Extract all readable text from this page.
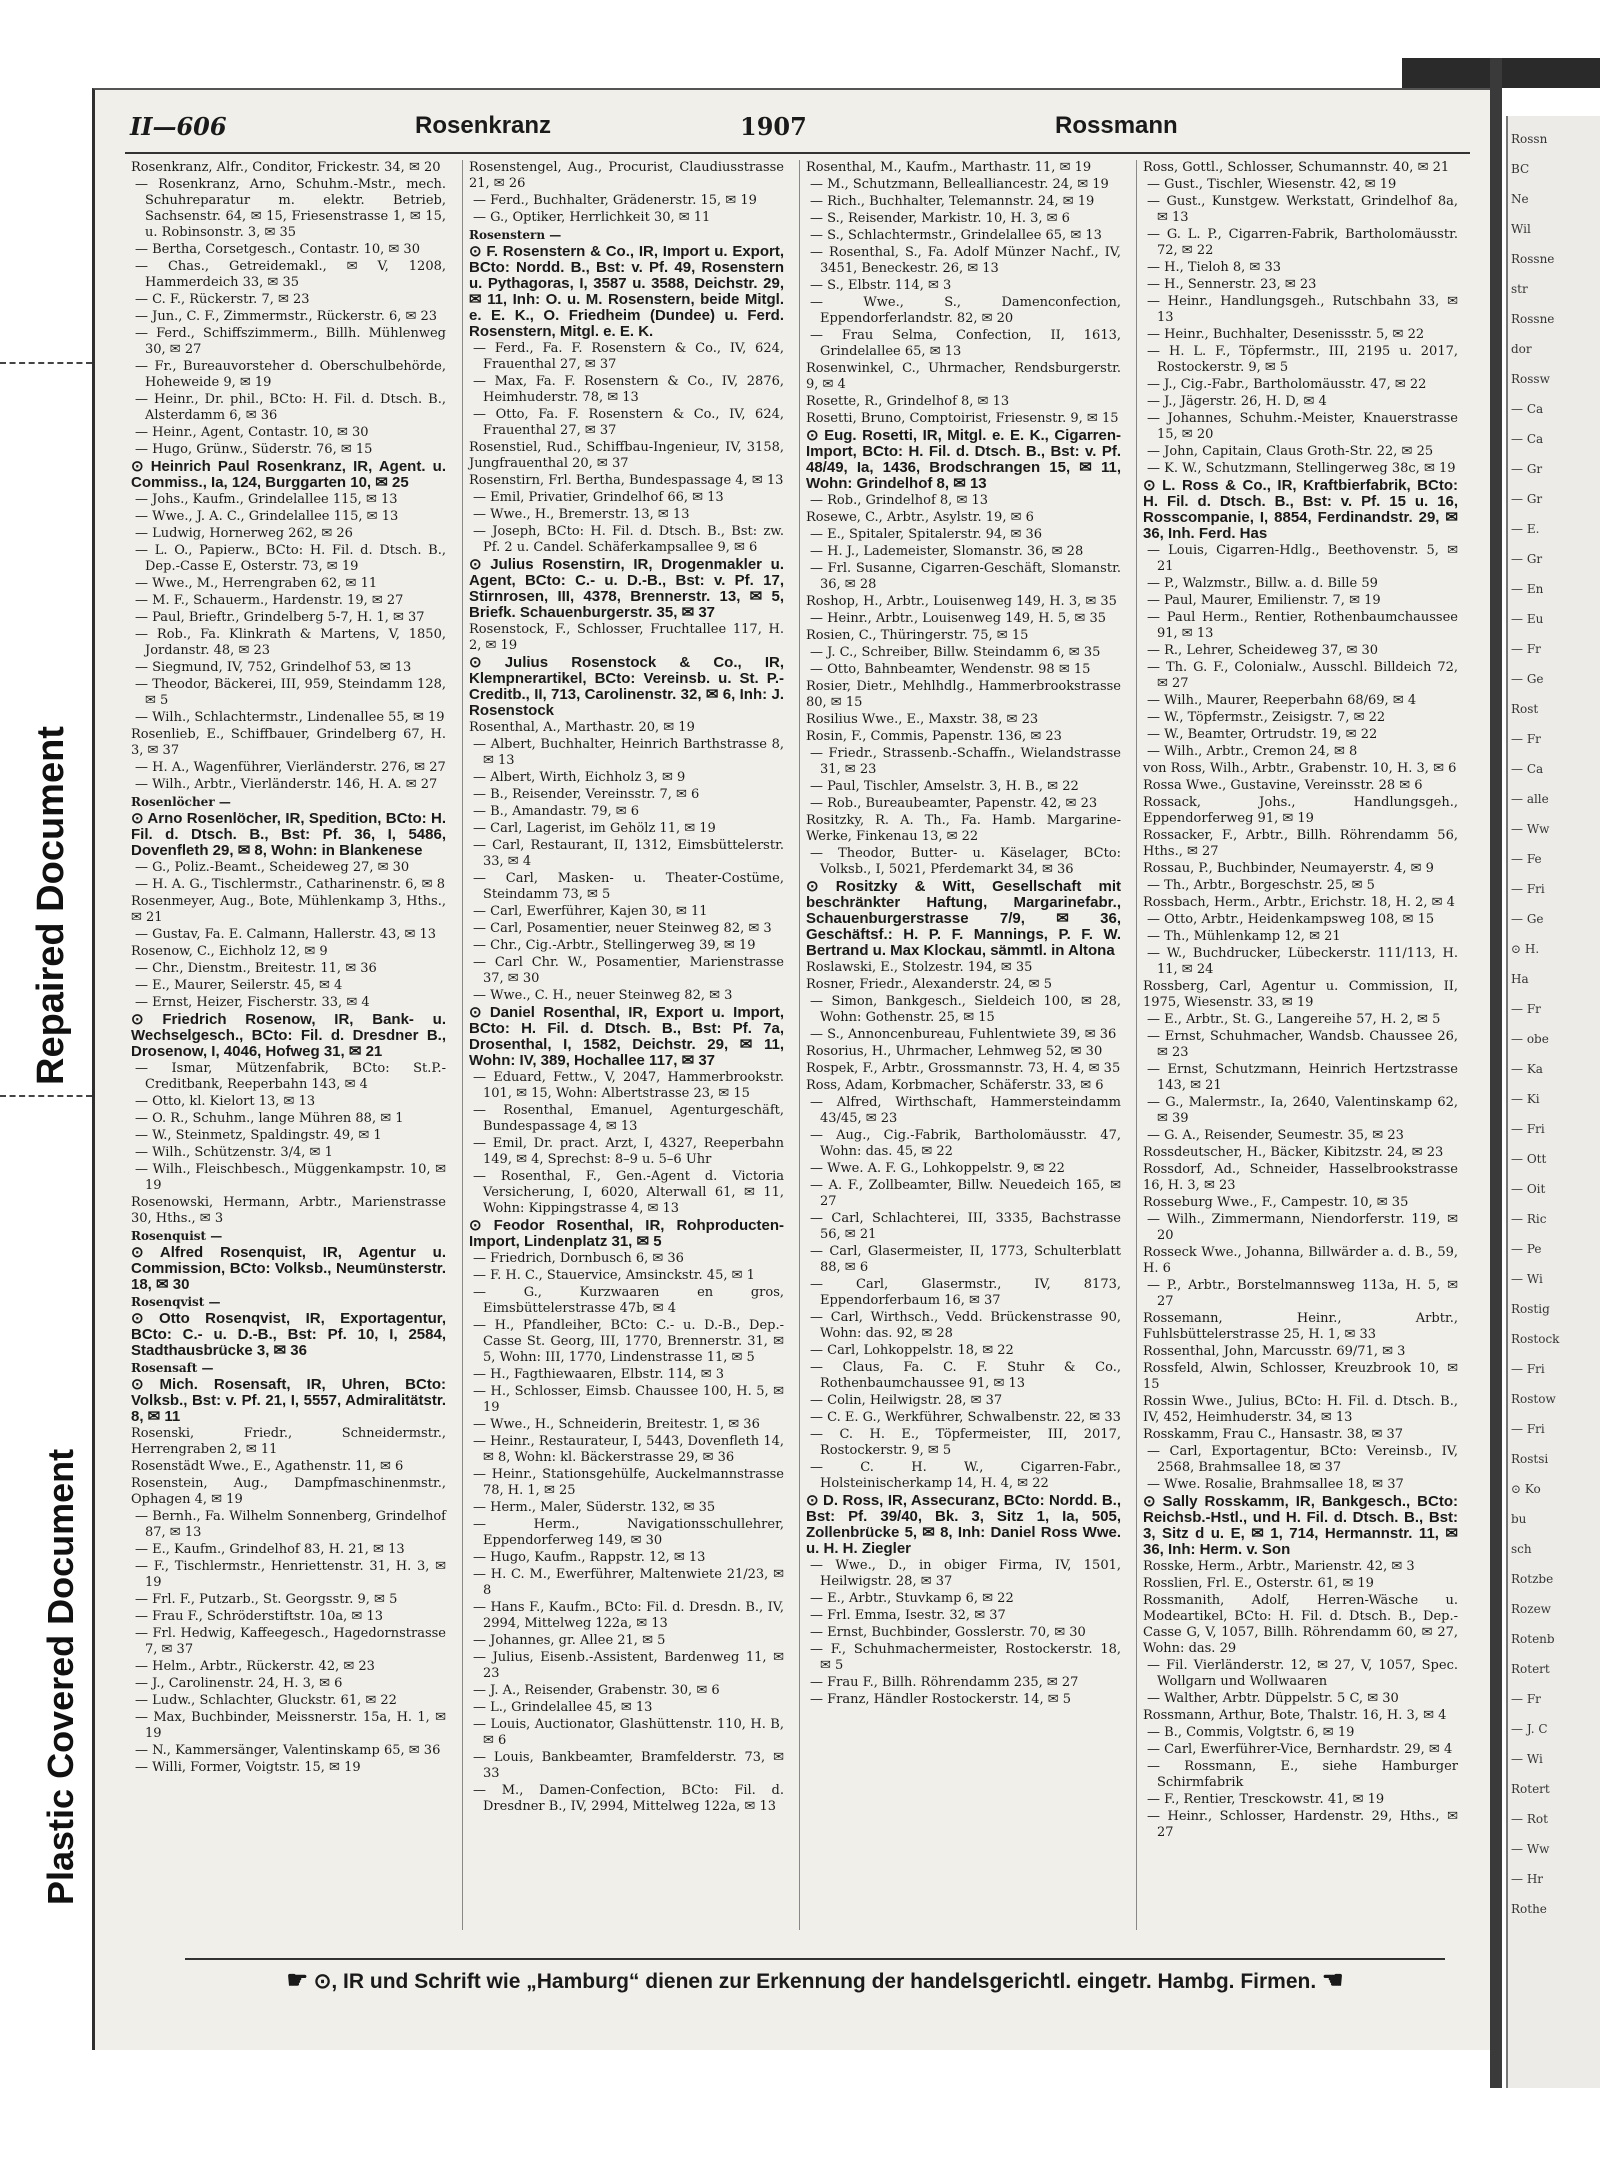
Repaired Document
Plastic Covered Document
II—606	Rosenkranz	1907	Rossmann
Rosenkranz, Alfr., Conditor, Frickestr. 34, ✉ 20
— Rosenkranz, Arno, Schuhm.-Mstr., mech. Schuhreparatur m. elektr. Betrieb, Sachsenstr. 64, ✉ 15, Friesenstrasse 1, ✉ 15, u. Robinsonstr. 3, ✉ 35
— Bertha, Corsetgesch., Contastr. 10, ✉ 30
— Chas., Getreidemakl., ✉ V, 1208, Hammerdeich 33, ✉ 35
— C. F., Rückerstr. 7, ✉ 23
— Jun., C. F., Zimmermstr., Rückerstr. 6, ✉ 23
— Ferd., Schiffszimmerm., Billh. Mühlenweg 30, ✉ 27
— Fr., Bureauvorsteher d. Oberschulbehörde, Hoheweide 9, ✉ 19
— Heinr., Dr. phil., BCto: H. Fil. d. Dtsch. B., Alsterdamm 6, ✉ 36
— Heinr., Agent, Contastr. 10, ✉ 30
— Hugo, Grünw., Süderstr. 76, ✉ 15
⊙ Heinrich Paul Rosenkranz, IR, Agent. u. Commiss., Ia, 124, Burggarten 10, ✉ 25
— Johs., Kaufm., Grindelallee 115, ✉ 13
— Wwe., J. A. C., Grindelallee 115, ✉ 13
— Ludwig, Hornerweg 262, ✉ 26
— L. O., Papierw., BCto: H. Fil. d. Dtsch. B., Dep.-Casse E, Osterstr. 73, ✉ 19
— Wwe., M., Herrengraben 62, ✉ 11
— M. F., Schauerm., Hardenstr. 19, ✉ 27
— Paul, Brieftr., Grindelberg 5-7, H. 1, ✉ 37
— Rob., Fa. Klinkrath & Martens, V, 1850, Jordanstr. 48, ✉ 23
— Siegmund, IV, 752, Grindelhof 53, ✉ 13
— Theodor, Bäckerei, III, 959, Steindamm 128, ✉ 5
— Wilh., Schlachtermstr., Lindenallee 55, ✉ 19
Rosenlieb, E., Schiffbauer, Grindelberg 67, H. 3, ✉ 37
— H. A., Wagenführer, Vierländerstr. 276, ✉ 27
— Wilh., Arbtr., Vierländerstr. 146, H. A. ✉ 27
Rosenlöcher —
⊙ Arno Rosenlöcher, IR, Spedition, BCto: H. Fil. d. Dtsch. B., Bst: Pf. 36, I, 5486, Dovenfleth 29, ✉ 8, Wohn: in Blankenese
— G., Poliz.-Beamt., Scheideweg 27, ✉ 30
— H. A. G., Tischlermstr., Catharinenstr. 6, ✉ 8
Rosenmeyer, Aug., Bote, Mühlenkamp 3, Hths., ✉ 21
— Gustav, Fa. E. Calmann, Hallerstr. 43, ✉ 13
Rosenow, C., Eichholz 12, ✉ 9
— Chr., Dienstm., Breitestr. 11, ✉ 36
— E., Maurer, Seilerstr. 45, ✉ 4
— Ernst, Heizer, Fischerstr. 33, ✉ 4
⊙ Friedrich Rosenow, IR, Bank- u. Wechselgesch., BCto: Fil. d. Dresdner B., Drosenow, I, 4046, Hofweg 31, ✉ 21
— Ismar, Mützenfabrik, BCto: St.P.-Creditbank, Reeperbahn 143, ✉ 4
— Otto, kl. Kielort 13, ✉ 13
— O. R., Schuhm., lange Mühren 88, ✉ 1
— W., Steinmetz, Spaldingstr. 49, ✉ 1
— Wilh., Schützenstr. 3/4, ✉ 1
— Wilh., Fleischbesch., Müggenkampstr. 10, ✉ 19
Rosenowski, Hermann, Arbtr., Marienstrasse 30, Hths., ✉ 3
Rosenquist —
⊙ Alfred Rosenquist, IR, Agentur u. Commission, BCto: Volksb., Neumünsterstr. 18, ✉ 30
Rosenqvist —
⊙ Otto Rosenqvist, IR, Exportagentur, BCto: C.- u. D.-B., Bst: Pf. 10, I, 2584, Stadthausbrücke 3, ✉ 36
Rosensaft —
⊙ Mich. Rosensaft, IR, Uhren, BCto: Volksb., Bst: v. Pf. 21, I, 5557, Admiralitätstr. 8, ✉ 11
Rosenski, Friedr., Schneidermstr., Herrengraben 2, ✉ 11
Rosenstädt Wwe., E., Agathenstr. 11, ✉ 6
Rosenstein, Aug., Dampfmaschinenmstr., Ophagen 4, ✉ 19
— Bernh., Fa. Wilhelm Sonnenberg, Grindelhof 87, ✉ 13
— E., Kaufm., Grindelhof 83, H. 21, ✉ 13
— F., Tischlermstr., Henriettenstr. 31, H. 3, ✉ 19
— Frl. F., Putzarb., St. Georgsstr. 9, ✉ 5
— Frau F., Schröderstiftstr. 10a, ✉ 13
— Frl. Hedwig, Kaffeegesch., Hagedornstrasse 7, ✉ 37
— Helm., Arbtr., Rückerstr. 42, ✉ 23
— J., Carolinenstr. 24, H. 3, ✉ 6
— Ludw., Schlachter, Gluckstr. 61, ✉ 22
— Max, Buchbinder, Meissnerstr. 15a, H. 1, ✉ 19
— N., Kammersänger, Valentinskamp 65, ✉ 36
— Willi, Former, Voigtstr. 15, ✉ 19
Rosenstengel, Aug., Procurist, Claudiusstrasse 21, ✉ 26
— Ferd., Buchhalter, Grädenerstr. 15, ✉ 19
— G., Optiker, Herrlichkeit 30, ✉ 11
Rosenstern —
⊙ F. Rosenstern & Co., IR, Import u. Export, BCto: Nordd. B., Bst: v. Pf. 49, Rosenstern u. Pythagoras, I, 3587 u. 3588, Deichstr. 29, ✉ 11, Inh: O. u. M. Rosenstern, beide Mitgl. e. E. K., O. Friedheim (Dundee) u. Ferd. Rosenstern, Mitgl. e. E. K.
— Ferd., Fa. F. Rosenstern & Co., IV, 624, Frauenthal 27, ✉ 37
— Max, Fa. F. Rosenstern & Co., IV, 2876, Heimhuderstr. 78, ✉ 13
— Otto, Fa. F. Rosenstern & Co., IV, 624, Frauenthal 27, ✉ 37
Rosenstiel, Rud., Schiffbau-Ingenieur, IV, 3158, Jungfrauenthal 20, ✉ 37
Rosenstirn, Frl. Bertha, Bundespassage 4, ✉ 13
— Emil, Privatier, Grindelhof 66, ✉ 13
— Wwe., H., Bremerstr. 13, ✉ 13
— Joseph, BCto: H. Fil. d. Dtsch. B., Bst: zw. Pf. 2 u. Candel. Schäferkampsallee 9, ✉ 6
⊙ Julius Rosenstirn, IR, Drogenmakler u. Agent, BCto: C.- u. D.-B., Bst: v. Pf. 17, Stirnrosen, III, 4378, Brennerstr. 13, ✉ 5, Briefk. Schauenburgerstr. 35, ✉ 37
Rosenstock, F., Schlosser, Fruchtallee 117, H. 2, ✉ 19
⊙ Julius Rosenstock & Co., IR, Klempnerartikel, BCto: Vereinsb. u. St. P.-Creditb., II, 713, Carolinenstr. 32, ✉ 6, Inh: J. Rosenstock
Rosenthal, A., Marthastr. 20, ✉ 19
— Albert, Buchhalter, Heinrich Barthstrasse 8, ✉ 13
— Albert, Wirth, Eichholz 3, ✉ 9
— B., Reisender, Vereinsstr. 7, ✉ 6
— B., Amandastr. 79, ✉ 6
— Carl, Lagerist, im Gehölz 11, ✉ 19
— Carl, Restaurant, II, 1312, Eimsbüttelerstr. 33, ✉ 4
— Carl, Masken- u. Theater-Costüme, Steindamm 73, ✉ 5
— Carl, Ewerführer, Kajen 30, ✉ 11
— Carl, Posamentier, neuer Steinweg 82, ✉ 3
— Chr., Cig.-Arbtr., Stellingerweg 39, ✉ 19
— Carl Chr. W., Posamentier, Marienstrasse 37, ✉ 30
— Wwe., C. H., neuer Steinweg 82, ✉ 3
⊙ Daniel Rosenthal, IR, Export u. Import, BCto: H. Fil. d. Dtsch. B., Bst: Pf. 7a, Drosenthal, I, 1582, Deichstr. 29, ✉ 11, Wohn: IV, 389, Hochallee 117, ✉ 37
— Eduard, Fettw., V, 2047, Hammerbrookstr. 101, ✉ 15, Wohn: Albertstrasse 23, ✉ 15
— Rosenthal, Emanuel, Agenturgeschäft, Bundespassage 4, ✉ 13
— Emil, Dr. pract. Arzt, I, 4327, Reeperbahn 149, ✉ 4, Sprechst: 8–9 u. 5–6 Uhr
— Rosenthal, F., Gen.-Agent d. Victoria Versicherung, I, 6020, Alterwall 61, ✉ 11, Wohn: Kippingstrasse 4, ✉ 13
⊙ Feodor Rosenthal, IR, Rohproducten-Import, Lindenplatz 31, ✉ 5
— Friedrich, Dornbusch 6, ✉ 36
— F. H. C., Stauervice, Amsinckstr. 45, ✉ 1
— G., Kurzwaaren en gros, Eimsbüttelerstrasse 47b, ✉ 4
— H., Pfandleiher, BCto: C.- u. D.-B., Dep.-Casse St. Georg, III, 1770, Brennerstr. 31, ✉ 5, Wohn: III, 1770, Lindenstrasse 11, ✉ 5
— H., Fagthiewaaren, Elbstr. 114, ✉ 3
— H., Schlosser, Eimsb. Chaussee 100, H. 5, ✉ 19
— Wwe., H., Schneiderin, Breitestr. 1, ✉ 36
— Heinr., Restaurateur, I, 5443, Dovenfleth 14, ✉ 8, Wohn: kl. Bäckerstrasse 29, ✉ 36
— Heinr., Stationsgehülfe, Auckelmannstrasse 78, H. 1, ✉ 25
— Herm., Maler, Süderstr. 132, ✉ 35
— Herm., Navigationsschullehrer, Eppendorferweg 149, ✉ 30
— Hugo, Kaufm., Rappstr. 12, ✉ 13
— H. C. M., Ewerführer, Maltenwiete 21/23, ✉ 8
— Hans F., Kaufm., BCto: Fil. d. Dresdn. B., IV, 2994, Mittelweg 122a, ✉ 13
— Johannes, gr. Allee 21, ✉ 5
— Julius, Eisenb.-Assistent, Bardenweg 11, ✉ 23
— J. A., Reisender, Grabenstr. 30, ✉ 6
— L., Grindelallee 45, ✉ 13
— Louis, Auctionator, Glashüttenstr. 110, H. B, ✉ 6
— Louis, Bankbeamter, Bramfelderstr. 73, ✉ 33
— M., Damen-Confection, BCto: Fil. d. Dresdner B., IV, 2994, Mittelweg 122a, ✉ 13
Rosenthal, M., Kaufm., Marthastr. 11, ✉ 19
— M., Schutzmann, Bellealliancestr. 24, ✉ 19
— Rich., Buchhalter, Telemannstr. 24, ✉ 19
— S., Reisender, Markistr. 10, H. 3, ✉ 6
— S., Schlachtermstr., Grindelallee 65, ✉ 13
— Rosenthal, S., Fa. Adolf Münzer Nachf., IV, 3451, Beneckestr. 26, ✉ 13
— S., Elbstr. 114, ✉ 3
— Wwe., S., Damenconfection, Eppendorferlandstr. 82, ✉ 20
— Frau Selma, Confection, II, 1613, Grindelallee 65, ✉ 13
Rosenwinkel, C., Uhrmacher, Rendsburgerstr. 9, ✉ 4
Rosette, R., Grindelhof 8, ✉ 13
Rosetti, Bruno, Comptoirist, Friesenstr. 9, ✉ 15
⊙ Eug. Rosetti, IR, Mitgl. e. E. K., Cigarren-Import, BCto: H. Fil. d. Dtsch. B., Bst: v. Pf. 48/49, Ia, 1436, Brodschrangen 15, ✉ 11, Wohn: Grindelhof 8, ✉ 13
— Rob., Grindelhof 8, ✉ 13
Rosewe, C., Arbtr., Asylstr. 19, ✉ 6
— E., Spitaler, Spitalerstr. 94, ✉ 36
— H. J., Lademeister, Slomanstr. 36, ✉ 28
— Frl. Susanne, Cigarren-Geschäft, Slomanstr. 36, ✉ 28
Roshop, H., Arbtr., Louisenweg 149, H. 3, ✉ 35
— Heinr., Arbtr., Louisenweg 149, H. 5, ✉ 35
Rosien, C., Thüringerstr. 75, ✉ 15
— J. C., Schreiber, Billw. Steindamm 6, ✉ 35
— Otto, Bahnbeamter, Wendenstr. 98 ✉ 15
Rosier, Dietr., Mehlhdlg., Hammerbrookstrasse 80, ✉ 15
Rosilius Wwe., E., Maxstr. 38, ✉ 23
Rosin, F., Commis, Papenstr. 136, ✉ 23
— Friedr., Strassenb.-Schaffn., Wielandstrasse 31, ✉ 23
— Paul, Tischler, Amselstr. 3, H. B., ✉ 22
— Rob., Bureaubeamter, Papenstr. 42, ✉ 23
Rositzky, R. A. Th., Fa. Hamb. Margarine-Werke, Finkenau 13, ✉ 22
— Theodor, Butter- u. Käselager, BCto: Volksb., I, 5021, Pferdemarkt 34, ✉ 36
⊙ Rositzky & Witt, Gesellschaft mit beschränkter Haftung, Margarinefabr., Schauenburgerstrasse 7/9, ✉ 36, Geschäftsf.: H. P. F. Mannings, P. F. W. Bertrand u. Max Klockau, sämmtl. in Altona
Roslawski, E., Stolzestr. 194, ✉ 35
Rosner, Friedr., Alexanderstr. 24, ✉ 5
— Simon, Bankgesch., Sieldeich 100, ✉ 28, Wohn: Gothenstr. 25, ✉ 15
— S., Annoncenbureau, Fuhlentwiete 39, ✉ 36
Rosorius, H., Uhrmacher, Lehmweg 52, ✉ 30
Rospek, F., Arbtr., Grossmannstr. 73, H. 4, ✉ 35
Ross, Adam, Korbmacher, Schäferstr. 33, ✉ 6
— Alfred, Wirthschaft, Hammersteindamm 43/45, ✉ 23
— Aug., Cig.-Fabrik, Bartholomäusstr. 47, Wohn: das. 45, ✉ 22
— Wwe. A. F. G., Lohkoppelstr. 9, ✉ 22
— A. F., Zollbeamter, Billw. Neuedeich 165, ✉ 27
— Carl, Schlachterei, III, 3335, Bachstrasse 56, ✉ 21
— Carl, Glasermeister, II, 1773, Schulterblatt 88, ✉ 6
— Carl, Glasermstr., IV, 8173, Eppendorferbaum 16, ✉ 37
— Carl, Wirthsch., Vedd. Brückenstrasse 90, Wohn: das. 92, ✉ 28
— Carl, Lohkoppelstr. 18, ✉ 22
— Claus, Fa. C. F. Stuhr & Co., Rothenbaumchaussee 91, ✉ 13
— Colin, Heilwigstr. 28, ✉ 37
— C. E. G., Werkführer, Schwalbenstr. 22, ✉ 33
— C. H. E., Töpfermeister, III, 2017, Rostockerstr. 9, ✉ 5
— C. H. W., Cigarren-Fabr., Holsteinischerkamp 14, H. 4, ✉ 22
⊙ D. Ross, IR, Assecuranz, BCto: Nordd. B., Bst: Pf. 39/40, Bk. 3, Sitz 1, Ia, 505, Zollenbrücke 5, ✉ 8, Inh: Daniel Ross Wwe. u. H. H. Ziegler
— Wwe., D., in obiger Firma, IV, 1501, Heilwigstr. 28, ✉ 37
— E., Arbtr., Stuvkamp 6, ✉ 22
— Frl. Emma, Isestr. 32, ✉ 37
— Ernst, Buchbinder, Gosslerstr. 70, ✉ 30
— F., Schuhmachermeister, Rostockerstr. 18, ✉ 5
— Frau F., Billh. Röhrendamm 235, ✉ 27
— Franz, Händler Rostockerstr. 14, ✉ 5
Ross, Gottl., Schlosser, Schumannstr. 40, ✉ 21
— Gust., Tischler, Wiesenstr. 42, ✉ 19
— Gust., Kunstgew. Werkstatt, Grindelhof 8a, ✉ 13
— G. L. P., Cigarren-Fabrik, Bartholomäusstr. 72, ✉ 22
— H., Tieloh 8, ✉ 33
— H., Sennerstr. 23, ✉ 23
— Heinr., Handlungsgeh., Rutschbahn 33, ✉ 13
— Heinr., Buchhalter, Desenissstr. 5, ✉ 22
— H. L. F., Töpfermstr., III, 2195 u. 2017, Rostockerstr. 9, ✉ 5
— J., Cig.-Fabr., Bartholomäusstr. 47, ✉ 22
— J., Jägerstr. 26, H. D, ✉ 4
— Johannes, Schuhm.-Meister, Knauerstrasse 15, ✉ 20
— John, Capitain, Claus Groth-Str. 22, ✉ 25
— K. W., Schutzmann, Stellingerweg 38c, ✉ 19
⊙ L. Ross & Co., IR, Kraftbierfabrik, BCto: H. Fil. d. Dtsch. B., Bst: v. Pf. 15 u. 16, Rosscompanie, I, 8854, Ferdinandstr. 29, ✉ 36, Inh. Ferd. Has
— Louis, Cigarren-Hdlg., Beethovenstr. 5, ✉ 21
— P., Walzmstr., Billw. a. d. Bille 59
— Paul, Maurer, Emilienstr. 7, ✉ 19
— Paul Herm., Rentier, Rothenbaumchaussee 91, ✉ 13
— R., Lehrer, Scheideweg 37, ✉ 30
— Th. G. F., Colonialw., Ausschl. Billdeich 72, ✉ 27
— Wilh., Maurer, Reeperbahn 68/69, ✉ 4
— W., Töpfermstr., Zeisigstr. 7, ✉ 22
— W., Beamter, Ortrudstr. 19, ✉ 22
— Wilh., Arbtr., Cremon 24, ✉ 8
von Ross, Wilh., Arbtr., Grabenstr. 10, H. 3, ✉ 6
Rossa Wwe., Gustavine, Vereinsstr. 28 ✉ 6
Rossack, Johs., Handlungsgeh., Eppendorferweg 91, ✉ 19
Rossacker, F., Arbtr., Billh. Röhrendamm 56, Hths., ✉ 27
Rossau, P., Buchbinder, Neumayerstr. 4, ✉ 9
— Th., Arbtr., Borgeschstr. 25, ✉ 5
Rossbach, Herm., Arbtr., Erichstr. 18, H. 2, ✉ 4
— Otto, Arbtr., Heidenkampsweg 108, ✉ 15
— Th., Mühlenkamp 12, ✉ 21
— W., Buchdrucker, Lübeckerstr. 111/113, H. 11, ✉ 24
Rossberg, Carl, Agentur u. Commission, II, 1975, Wiesenstr. 33, ✉ 19
— E., Arbtr., St. G., Langereihe 57, H. 2, ✉ 5
— Ernst, Schuhmacher, Wandsb. Chaussee 26, ✉ 23
— Ernst, Schutzmann, Heinrich Hertzstrasse 143, ✉ 21
— G., Malermstr., Ia, 2640, Valentinskamp 62, ✉ 39
— G. A., Reisender, Seumestr. 35, ✉ 23
Rossdeutscher, H., Bäcker, Kibitzstr. 24, ✉ 23
Rossdorf, Ad., Schneider, Hasselbrookstrasse 16, H. 3, ✉ 23
Rosseburg Wwe., F., Campestr. 10, ✉ 35
— Wilh., Zimmermann, Niendorferstr. 119, ✉ 20
Rosseck Wwe., Johanna, Billwärder a. d. B., 59, H. 6
— P., Arbtr., Borstelmannsweg 113a, H. 5, ✉ 27
Rossemann, Heinr., Arbtr., Fuhlsbüttelerstrasse 25, H. 1, ✉ 33
Rossenthal, John, Marcusstr. 69/71, ✉ 3
Rossfeld, Alwin, Schlosser, Kreuzbrook 10, ✉ 15
Rossin Wwe., Julius, BCto: H. Fil. d. Dtsch. B., IV, 452, Heimhuderstr. 34, ✉ 13
Rosskamm, Frau C., Hansastr. 38, ✉ 37
— Carl, Exportagentur, BCto: Vereinsb., IV, 2568, Brahmsallee 18, ✉ 37
— Wwe. Rosalie, Brahmsallee 18, ✉ 37
⊙ Sally Rosskamm, IR, Bankgesch., BCto: Reichsb.-Hstl., und H. Fil. d. Dtsch. B., Bst: 3, Sitz d u. E, ✉ 1, 714, Hermannstr. 11, ✉ 36, Inh: Herm. v. Son
Rosske, Herm., Arbtr., Marienstr. 42, ✉ 3
Rosslien, Frl. E., Osterstr. 61, ✉ 19
Rossmanith, Adolf, Herren-Wäsche u. Modeartikel, BCto: H. Fil. d. Dtsch. B., Dep.-Casse G, V, 1057, Billh. Röhrendamm 60, ✉ 27, Wohn: das. 29
— Fil. Vierländerstr. 12, ✉ 27, V, 1057, Spec. Wollgarn und Wollwaaren
— Walther, Arbtr. Düppelstr. 5 C, ✉ 30
Rossmann, Arthur, Bote, Thalstr. 16, H. 3, ✉ 4
— B., Commis, Volgtstr. 6, ✉ 19
— Carl, Ewerführer-Vice, Bernhardstr. 29, ✉ 4
— Rossmann, E., siehe Hamburger Schirmfabrik
— F., Rentier, Tresckowstr. 41, ✉ 19
— Heinr., Schlosser, Hardenstr. 29, Hths., ✉ 27
☛ ⊙, IR und Schrift wie „Hamburg“ dienen zur Erkennung der handelsgerichtl. eingetr. Hambg. Firmen. ☚
Rossn
BC
Ne
Wil
Rossne
str
Rossne
dor
Rossw
— Ca
— Ca
— Gr
— Gr
— E.
— Gr
— En
— Eu
— Fr
— Ge
Rost
— Fr
— Ca
— alle
— Ww
— Fe
— Fri
— Ge
⊙ H.
Ha
— Fr
— obe
— Ka
— Ki
— Fri
— Ott
— Oit
— Ric
— Pe
— Wi
Rostig
Rostock
— Fri
Rostow
— Fri
Rostsi
⊙ Ko
bu
sch
Rotzbe
Rozew
Rotenb
Rotert
— Fr
— J. C
— Wi
Rotert
— Rot
— Ww
— Hr
Rothe
